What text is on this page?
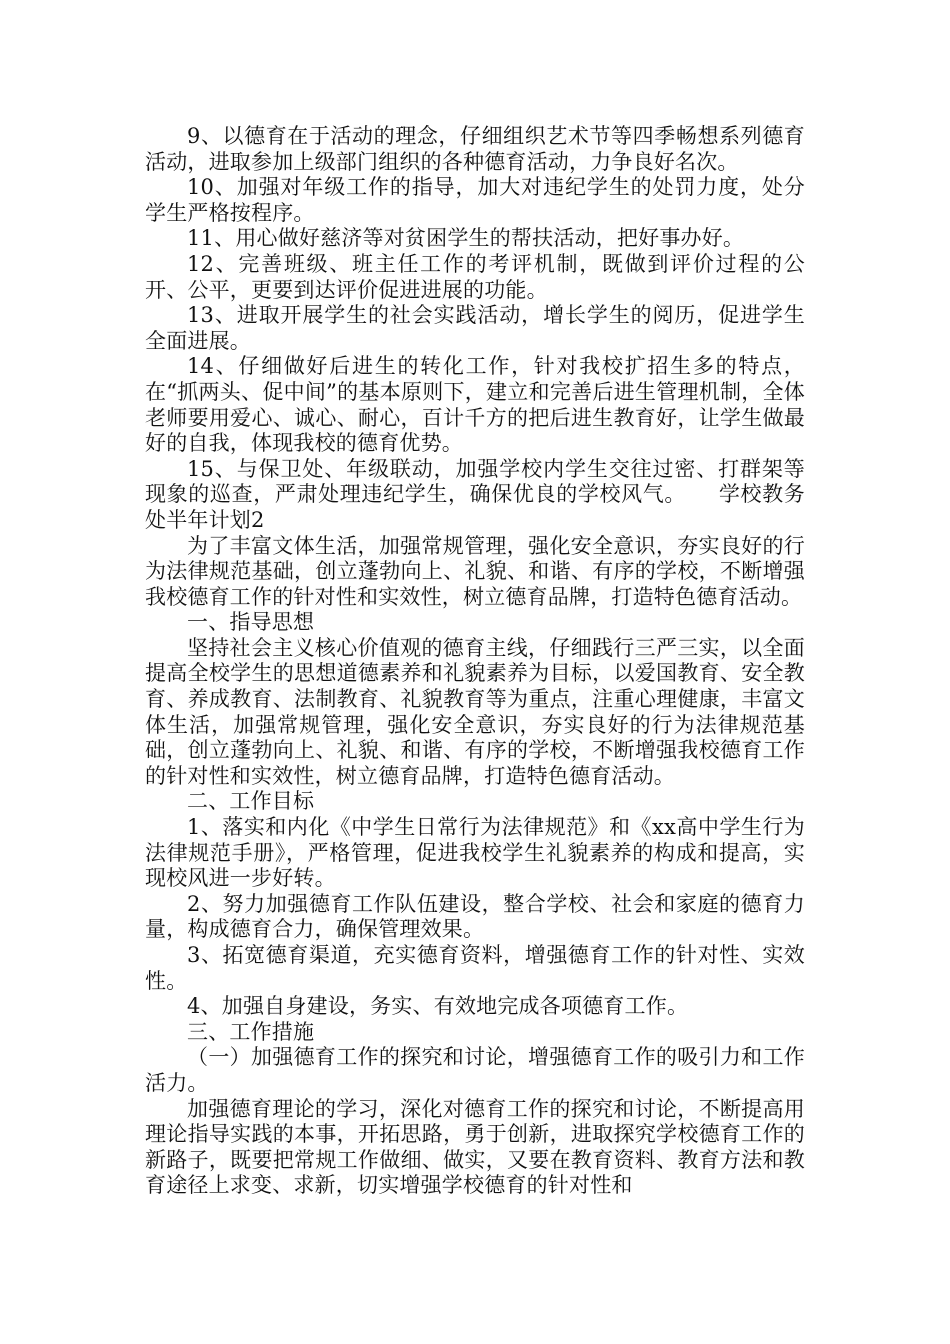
9、以德育在于活动的理念，仔细组织艺术节等四季畅想系列德育活动，进取参加上级部门组织的各种德育活动，力争良好名次。

10、加强对年级工作的指导，加大对违纪学生的处罚力度，处分学生严格按程序。

11、用心做好慈济等对贫困学生的帮扶活动，把好事办好。

12、完善班级、班主任工作的考评机制，既做到评价过程的公开、公平，更要到达评价促进进展的功能。

13、进取开展学生的社会实践活动，增长学生的阅历，促进学生全面进展。

14、仔细做好后进生的转化工作，针对我校扩招生多的特点，在“抓两头、促中间”的基本原则下，建立和完善后进生管理机制，全体老师要用爱心、诚心、耐心，百计千方的把后进生教育好，让学生做最好的自我，体现我校的德育优势。

15、与保卫处、年级联动，加强学校内学生交往过密、打群架等现象的巡查，严肃处理违纪学生，确保优良的学校风气。　　学校教务处半年计划2

为了丰富文体生活，加强常规管理，强化安全意识，夯实良好的行为法律规范基础，创立蓬勃向上、礼貌、和谐、有序的学校，不断增强我校德育工作的针对性和实效性，树立德育品牌，打造特色德育活动。

一、指导思想

坚持社会主义核心价值观的德育主线，仔细践行三严三实，以全面提高全校学生的思想道德素养和礼貌素养为目标，以爱国教育、安全教育、养成教育、法制教育、礼貌教育等为重点，注重心理健康，丰富文体生活，加强常规管理，强化安全意识，夯实良好的行为法律规范基础，创立蓬勃向上、礼貌、和谐、有序的学校，不断增强我校德育工作的针对性和实效性，树立德育品牌，打造特色德育活动。

二、工作目标

1、落实和内化《中学生日常行为法律规范》和《xx高中学生行为法律规范手册》，严格管理，促进我校学生礼貌素养的构成和提高，实现校风进一步好转。

2、努力加强德育工作队伍建设，整合学校、社会和家庭的德育力量，构成德育合力，确保管理效果。

3、拓宽德育渠道，充实德育资料，增强德育工作的针对性、实效性。

4、加强自身建设，务实、有效地完成各项德育工作。

三、工作措施

（一）加强德育工作的探究和讨论，增强德育工作的吸引力和工作活力。

加强德育理论的学习，深化对德育工作的探究和讨论，不断提高用理论指导实践的本事，开拓思路，勇于创新，进取探究学校德育工作的新路子，既要把常规工作做细、做实，又要在教育资料、教育方法和教育途径上求变、求新，切实增强学校德育的针对性和
